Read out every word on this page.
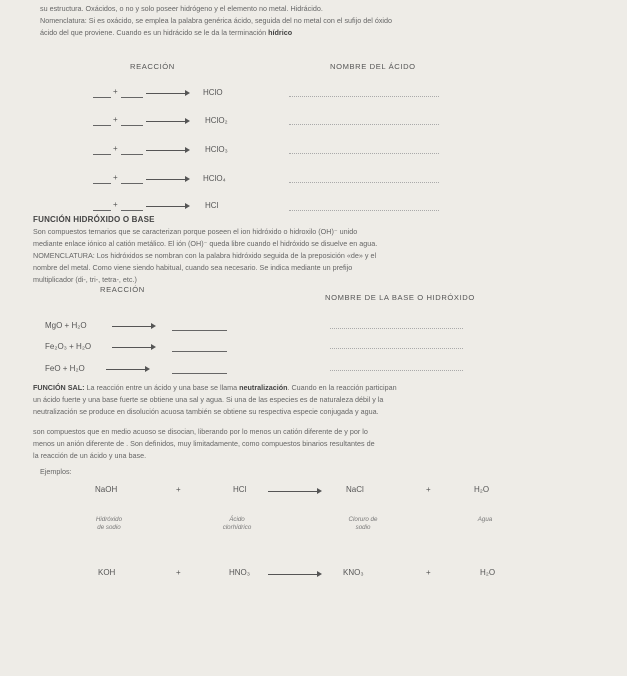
su estructura. Oxácidos, o no y solo poseer hidrógeno y el elemento no metal. Hidrácido.
Nomenclatura: Si es oxácido, se emplea la palabra genérica ácido, seguida del no metal con el sufijo del óxido
ácido del que proviene. Cuando es un hidrácido se le da la terminación hídrico
REACCIÓN	NOMBRE DEL ÁCIDO
+	HClO
+	HClO₂
+	HClO₃
+	HClO₄
+	HCl
FUNCIÓN HIDRÓXIDO O BASE
Son compuestos ternarios que se caracterizan porque poseen el ion hidróxido o hidroxilo (OH)⁻ unido
mediante enlace iónico al catión metálico. El ión (OH)⁻ queda libre cuando el hidróxido se disuelve en agua.
NOMENCLATURA: Los hidróxidos se nombran con la palabra hidróxido seguida de la preposición «de» y el
nombre del metal. Como viene siendo habitual, cuando sea necesario. Se indica mediante un prefijo
multiplicador (di-, tri-, tetra-, etc.)
REACCIÓN
NOMBRE DE LA BASE O HIDRÓXIDO
MgO + H₂O
Fe₂O₃ + H₂O
FeO + H₂O
FUNCIÓN SAL: La reacción entre un ácido y una base se llama neutralización. Cuando en la reacción participan
un ácido fuerte y una base fuerte se obtiene una sal y agua. Si una de las especies es de naturaleza débil y la
neutralización se produce en disolución acuosa también se obtiene su respectiva especie conjugada y agua.
son compuestos que en medio acuoso se disocian, liberando por lo menos un catión diferente de y por lo
menos un anión diferente de . Son definidos, muy limitadamente, como compuestos binarios resultantes de
la reacción de un ácido y una base.
Ejemplos:
NaOH	+	HCl	NaCl	+	H₂O
Hidróxido
de sodio
Ácido
clorhídrico
Cloruro de
sodio
Agua
KOH	+	HNO₃	KNO₃	+	H₂O
